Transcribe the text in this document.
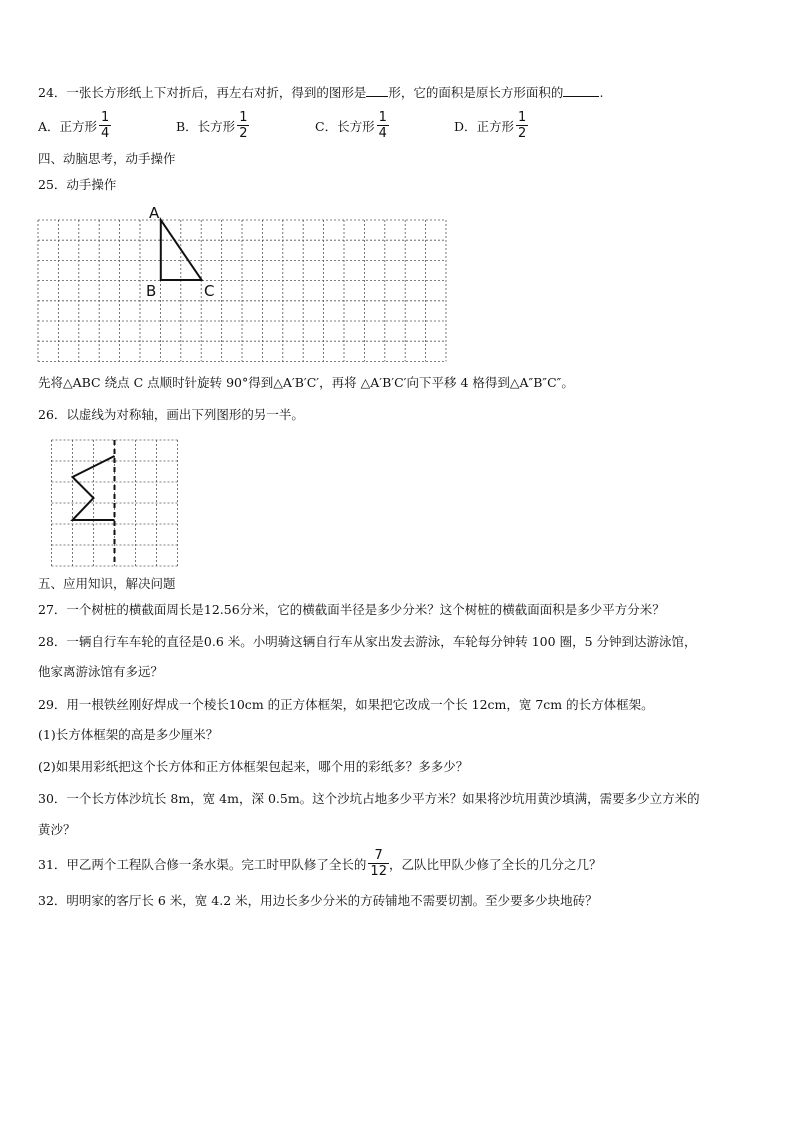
24．一张长方形纸上下对折后，再左右对折，得到的图形是 形，它的面积是原长方形面积的	.
A．正方形 $\frac{1}{4}$	B．长方形 $\frac{1}{2}$	C．长方形 $\frac{1}{4}$	D．正方形 $\frac{1}{2}$
四、动脑思考，动手操作
25．动手操作
A
B	C
先将△ABC 绕点 C 点顺时针旋转 90°得到△A′B′C′，再将 △A′B′C′向下平移 4 格得到△A″B″C″。
26．以虚线为对称轴，画出下列图形的另一半。
五、应用知识，解决问题
27．一个树桩的横截面周长是12.56分米，它的横截面半径是多少分米？这个树桩的横截面面积是多少平方分米？
28．一辆自行车车轮的直径是0.6 米。小明骑这辆自行车从家出发去游泳，车轮每分钟转 100 圈，5 分钟到达游泳馆，
他家离游泳馆有多远？
29．用一根铁丝刚好焊成一个棱长10cm 的正方体框架，如果把它改成一个长 12cm，宽 7cm 的长方体框架。
(1)长方体框架的高是多少厘米？
(2)如果用彩纸把这个长方体和正方体框架包起来，哪个用的彩纸多？多多少？
30．一个长方体沙坑长 8m，宽 4m，深 0.5m。这个沙坑占地多少平方米？如果将沙坑用黄沙填满，需要多少立方米的
黄沙？
31．甲乙两个工程队合修一条水渠。完工时甲队修了全长的 $\frac{7}{12}$ ，乙队比甲队少修了全长的几分之几？
32．明明家的客厅长 6 米，宽 4.2 米，用边长多少分米的方砖铺地不需要切割。至少要多少块地砖？
